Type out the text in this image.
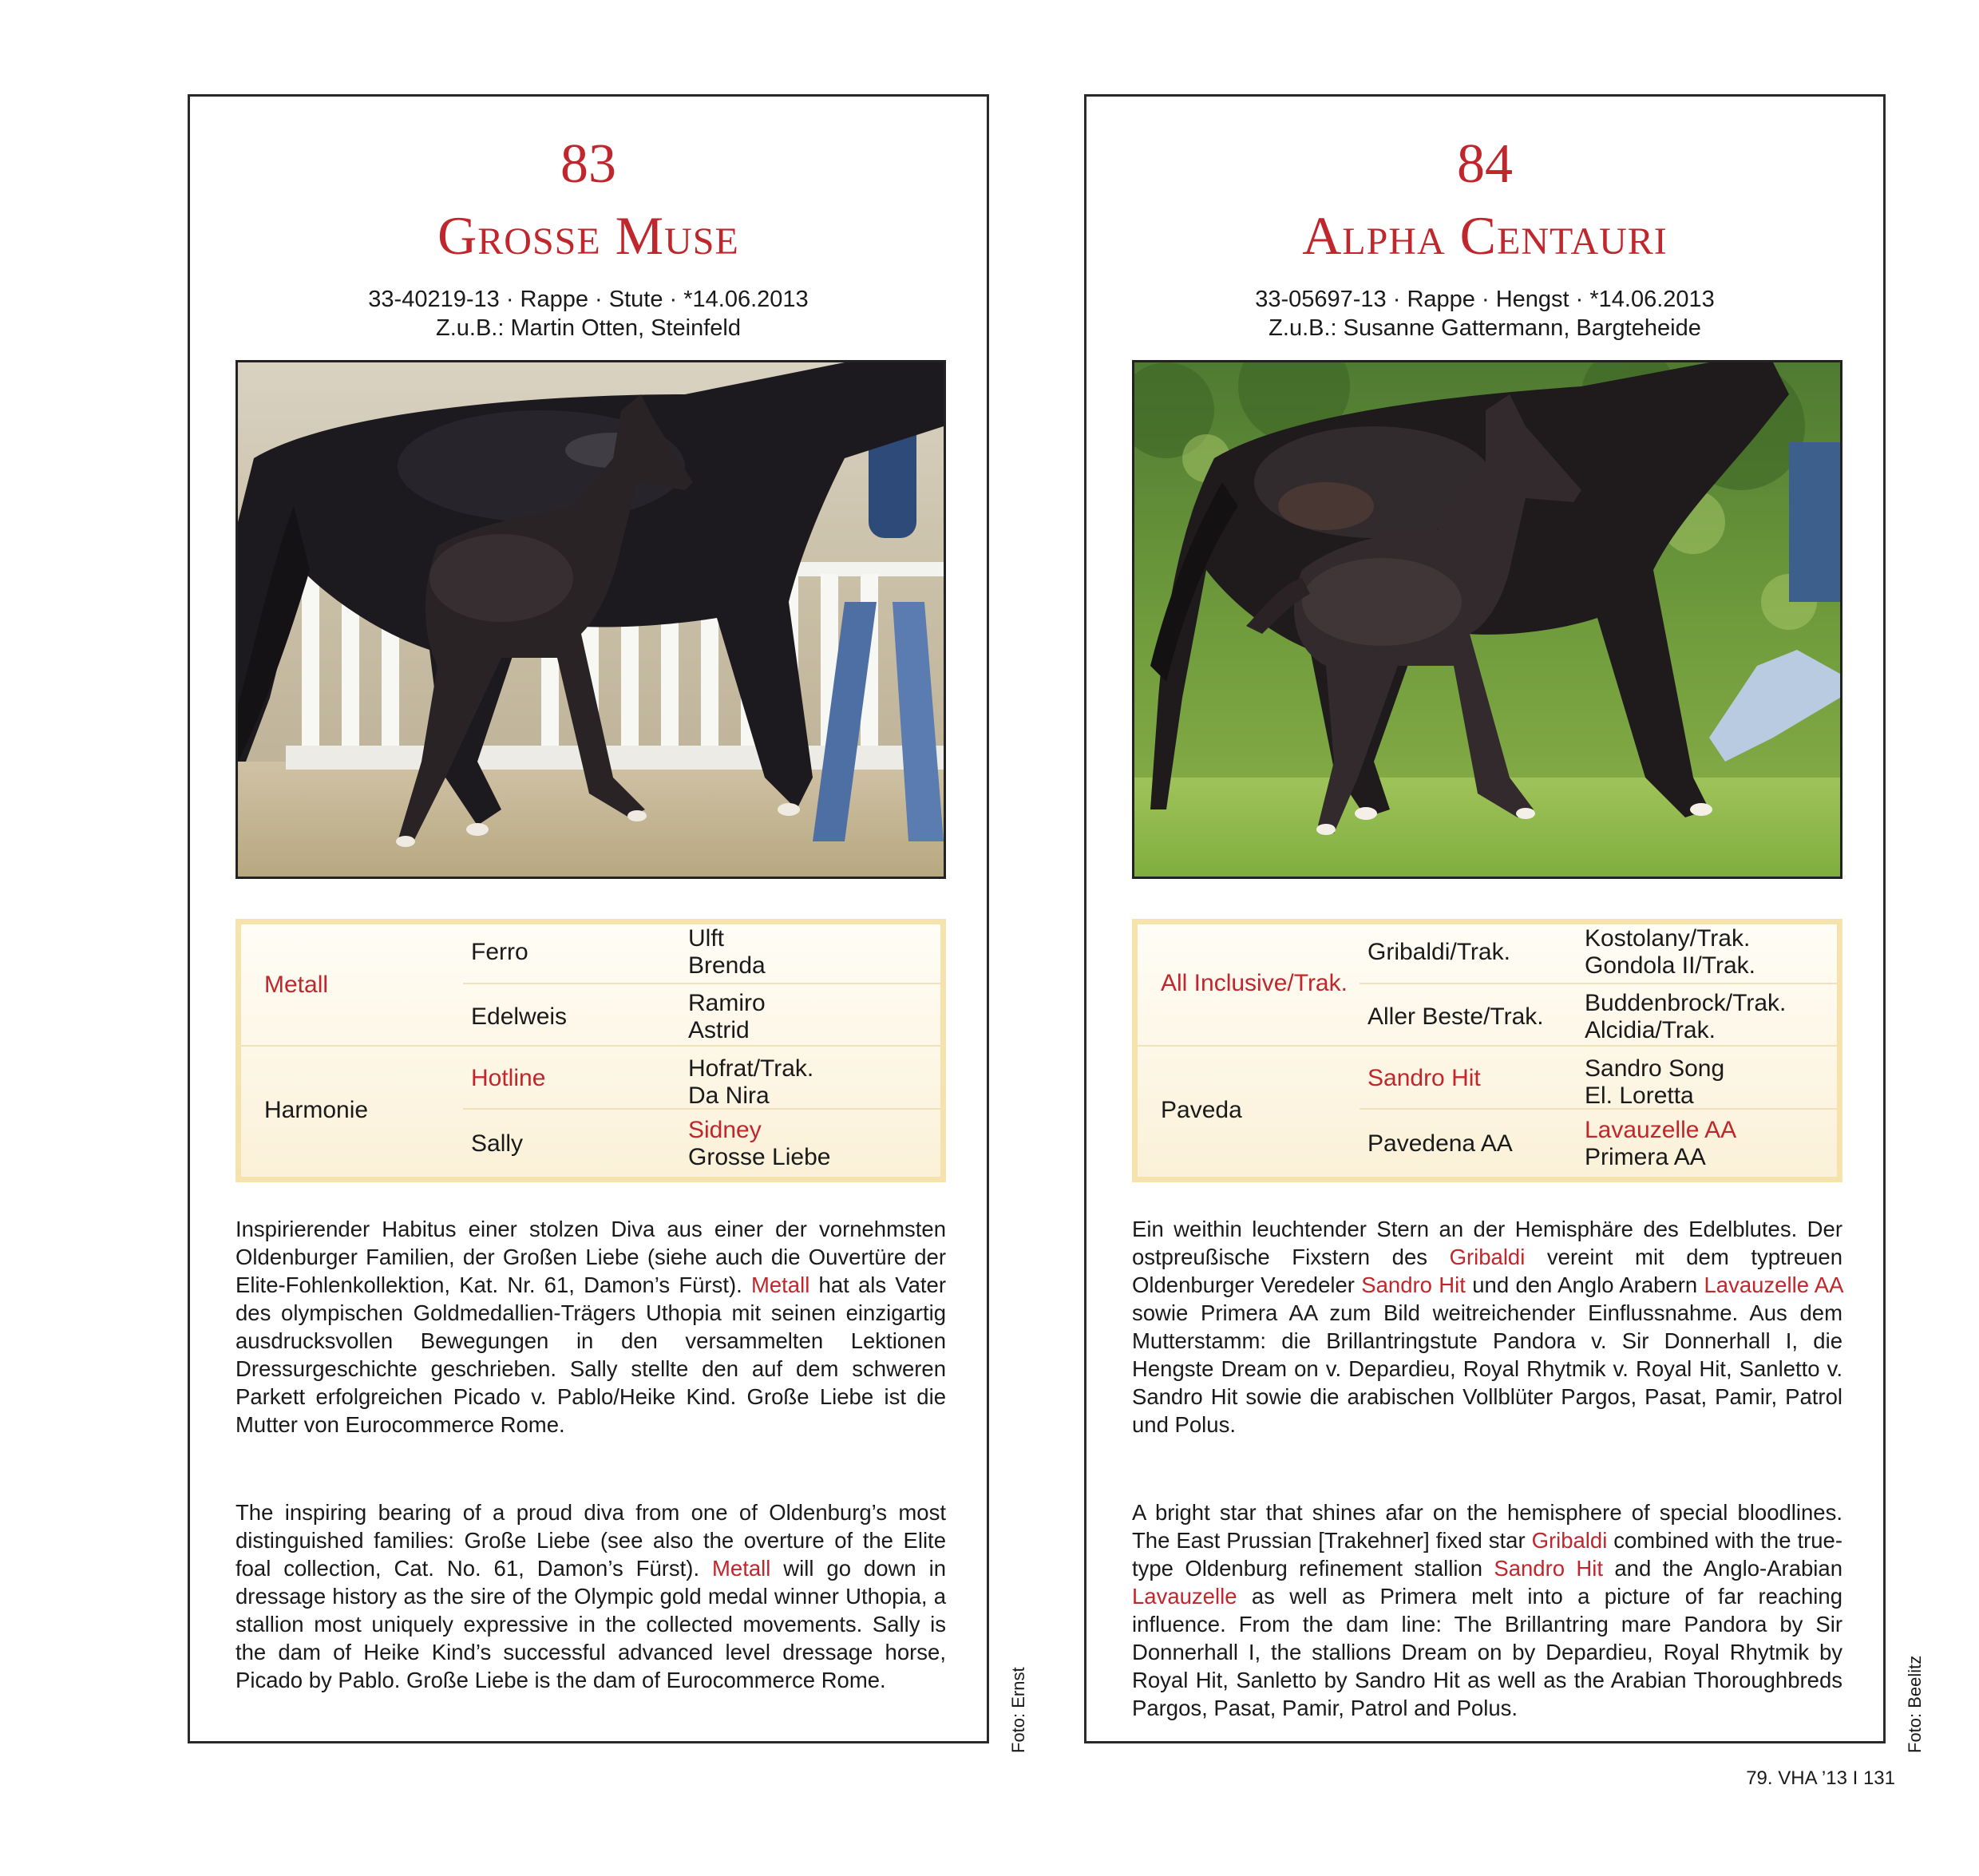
83
Grosse Muse
33-40219-13 · Rappe · Stute · *14.06.2013
Z.u.B.: Martin Otten, Steinfeld
Metall
Harmonie
Ferro
Edelweis
Hotline
Sally
Ulft
Brenda
Ramiro
Astrid
Hofrat/Trak.
Da Nira
Sidney
Grosse Liebe
Inspirierender Habitus einer stolzen Diva aus einer der vornehmsten Oldenburger Familien, der Großen Liebe (siehe auch die Ouvertüre der Elite-Fohlenkollektion, Kat. Nr. 61, Damon’s Fürst). Metall hat als Vater des olympischen Goldmedallien-Trägers Uthopia mit seinen einzigartig ausdrucksvollen Bewegungen in den versammelten Lektionen Dressurgeschichte geschrieben. Sally stellte den auf dem schweren Parkett erfolgreichen Picado v. Pablo/Heike Kind. Große Liebe ist die Mutter von Eurocommerce Rome.
The inspiring bearing of a proud diva from one of Oldenburg’s most distinguished families: Große Liebe (see also the overture of the Elite foal collection, Cat. No. 61, Damon’s Fürst). Metall will go down in dressage history as the sire of the Olympic gold medal winner Uthopia, a stallion most uniquely expressive in the collected movements. Sally is the dam of Heike Kind’s successful advanced level dressage horse, Picado by Pablo. Große Liebe is the dam of Eurocommerce Rome.	Foto: Ernst
84
Alpha Centauri
33-05697-13 · Rappe · Hengst · *14.06.2013
Z.u.B.: Susanne Gattermann, Bargteheide
All Inclusive/Trak.
Paveda
Gribaldi/Trak.
Aller Beste/Trak.
Sandro Hit
Pavedena AA
Kostolany/Trak.
Gondola II/Trak.
Buddenbrock/Trak.
Alcidia/Trak.
Sandro Song
El. Loretta
Lavauzelle AA
Primera AA
Ein weithin leuchtender Stern an der Hemisphäre des Edelblutes. Der ostpreußische Fixstern des Gribaldi vereint mit dem typtreuen Oldenburger Veredeler Sandro Hit und den Anglo Arabern Lavauzelle AA sowie Primera AA zum Bild weitreichender Einflussnahme. Aus dem Mutterstamm: die Brillantringstute Pandora v. Sir Donnerhall I, die Hengste Dream on v. Depardieu, Royal Rhytmik v. Royal Hit, Sanletto v. Sandro Hit sowie die arabischen Vollblüter Pargos, Pasat, Pamir, Patrol und Polus.
A bright star that shines afar on the hemisphere of special bloodlines. The East Prussian [Trakehner] fixed star Gribaldi combined with the true-type Oldenburg refinement stallion Sandro Hit and the Anglo-Arabian Lavauzelle as well as Primera melt into a picture of far reaching influence. From the dam line: The Brillantring mare Pandora by Sir Donnerhall I, the stallions Dream on by Depardieu, Royal Rhytmik by Royal Hit, Sanletto by Sandro Hit as well as the Arabian Thoroughbreds Pargos, Pasat, Pamir, Patrol and Polus.	Foto: Beelitz
79. VHA ’13 I 131
